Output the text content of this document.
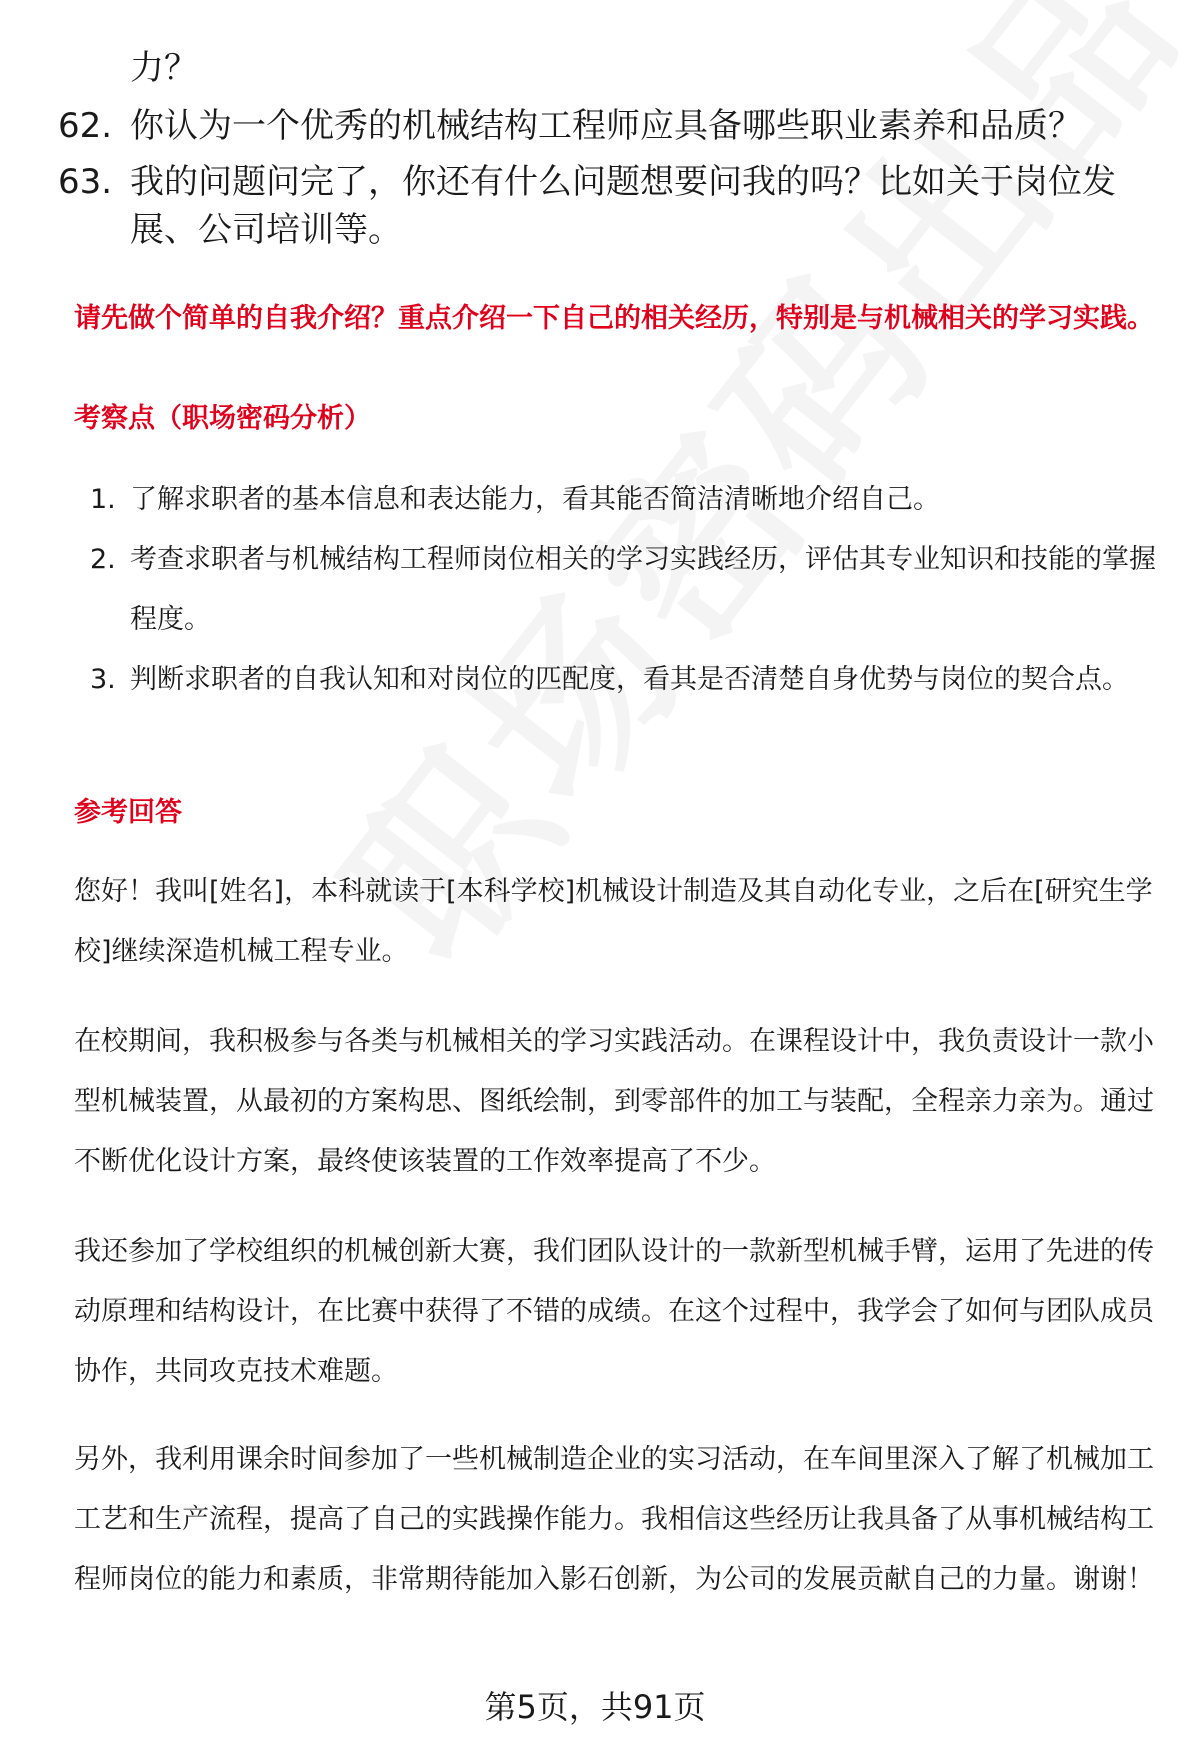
力？
62. 你认为一个优秀的机械结构工程师应具备哪些职业素养和品质？
63. 我的问题问完了，你还有什么问题想要问我的吗？比如关于岗位发展、公司培训等。
请先做个简单的自我介绍？重点介绍一下自己的相关经历，特别是与机械相关的学习实践。
考察点（职场密码分析）
1. 了解求职者的基本信息和表达能力，看其能否简洁清晰地介绍自己。
2. 考查求职者与机械结构工程师岗位相关的学习实践经历，评估其专业知识和技能的掌握程度。
3. 判断求职者的自我认知和对岗位的匹配度，看其是否清楚自身优势与岗位的契合点。
参考回答

您好！我叫[姓名]，本科就读于[本科学校]机械设计制造及其自动化专业，之后在[研究生学校]继续深造机械工程专业。

在校期间，我积极参与各类与机械相关的学习实践活动。在课程设计中，我负责设计一款小型机械装置，从最初的方案构思、图纸绘制，到零部件的加工与装配，全程亲力亲为。通过不断优化设计方案，最终使该装置的工作效率提高了不少。

我还参加了学校组织的机械创新大赛，我们团队设计的一款新型机械手臂，运用了先进的传动原理和结构设计，在比赛中获得了不错的成绩。在这个过程中，我学会了如何与团队成员协作，共同攻克技术难题。

另外，我利用课余时间参加了一些机械制造企业的实习活动，在车间里深入了解了机械加工工艺和生产流程，提高了自己的实践操作能力。我相信这些经历让我具备了从事机械结构工程师岗位的能力和素质，非常期待能加入影石创新，为公司的发展贡献自己的力量。谢谢！

第5页，共91页
